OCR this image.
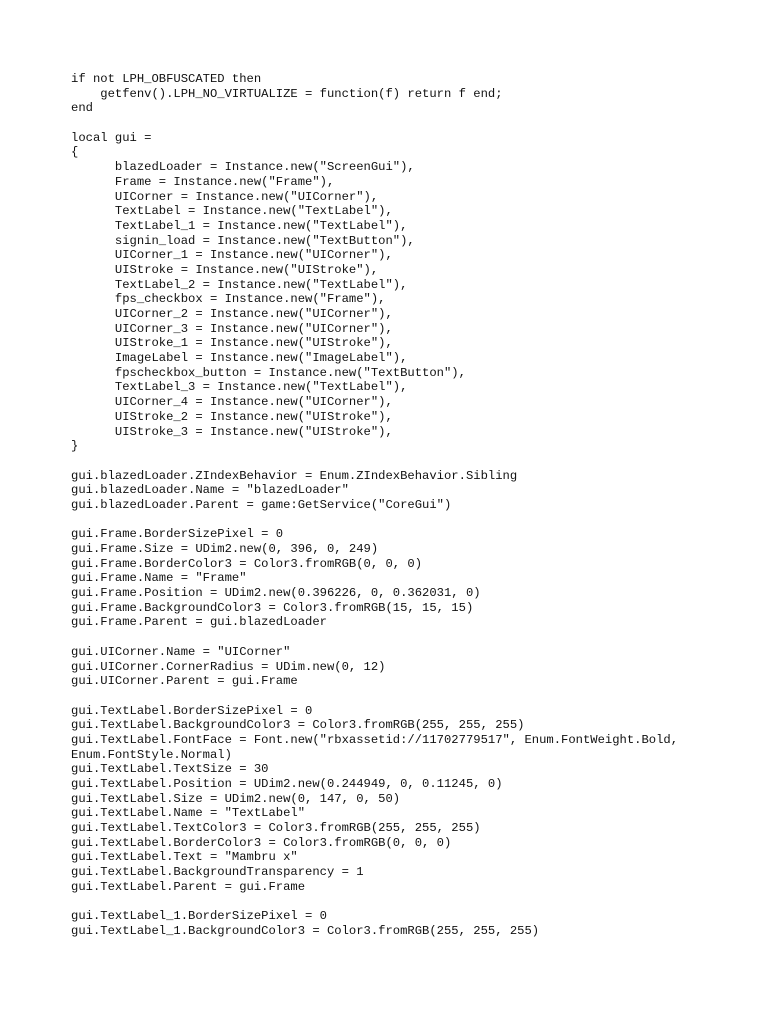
if not LPH_OBFUSCATED then
getfenv().LPH_NO_VIRTUALIZE = function(f) return f end;
end
local gui =
{
blazedLoader = Instance.new("ScreenGui"),
Frame = Instance.new("Frame"),
UICorner = Instance.new("UICorner"),
TextLabel = Instance.new("TextLabel"),
TextLabel_1 = Instance.new("TextLabel"),
signin_load = Instance.new("TextButton"),
UICorner_1 = Instance.new("UICorner"),
UIStroke = Instance.new("UIStroke"),
TextLabel_2 = Instance.new("TextLabel"),
fps_checkbox = Instance.new("Frame"),
UICorner_2 = Instance.new("UICorner"),
UICorner_3 = Instance.new("UICorner"),
UIStroke_1 = Instance.new("UIStroke"),
ImageLabel = Instance.new("ImageLabel"),
fpscheckbox_button = Instance.new("TextButton"),
TextLabel_3 = Instance.new("TextLabel"),
UICorner_4 = Instance.new("UICorner"),
UIStroke_2 = Instance.new("UIStroke"),
UIStroke_3 = Instance.new("UIStroke"),
}
gui.blazedLoader.ZIndexBehavior = Enum.ZIndexBehavior.Sibling
gui.blazedLoader.Name = "blazedLoader"
gui.blazedLoader.Parent = game:GetService("CoreGui")
gui.Frame.BorderSizePixel = 0
gui.Frame.Size = UDim2.new(0, 396, 0, 249)
gui.Frame.BorderColor3 = Color3.fromRGB(0, 0, 0)
gui.Frame.Name = "Frame"
gui.Frame.Position = UDim2.new(0.396226, 0, 0.362031, 0)
gui.Frame.BackgroundColor3 = Color3.fromRGB(15, 15, 15)
gui.Frame.Parent = gui.blazedLoader
gui.UICorner.Name = "UICorner"
gui.UICorner.CornerRadius = UDim.new(0, 12)
gui.UICorner.Parent = gui.Frame
gui.TextLabel.BorderSizePixel = 0
gui.TextLabel.BackgroundColor3 = Color3.fromRGB(255, 255, 255)
gui.TextLabel.FontFace = Font.new("rbxassetid://11702779517", Enum.FontWeight.Bold,
Enum.FontStyle.Normal)
gui.TextLabel.TextSize = 30
gui.TextLabel.Position = UDim2.new(0.244949, 0, 0.11245, 0)
gui.TextLabel.Size = UDim2.new(0, 147, 0, 50)
gui.TextLabel.Name = "TextLabel"
gui.TextLabel.TextColor3 = Color3.fromRGB(255, 255, 255)
gui.TextLabel.BorderColor3 = Color3.fromRGB(0, 0, 0)
gui.TextLabel.Text = "Mambru x"
gui.TextLabel.BackgroundTransparency = 1
gui.TextLabel.Parent = gui.Frame
gui.TextLabel_1.BorderSizePixel = 0
gui.TextLabel_1.BackgroundColor3 = Color3.fromRGB(255, 255, 255)
